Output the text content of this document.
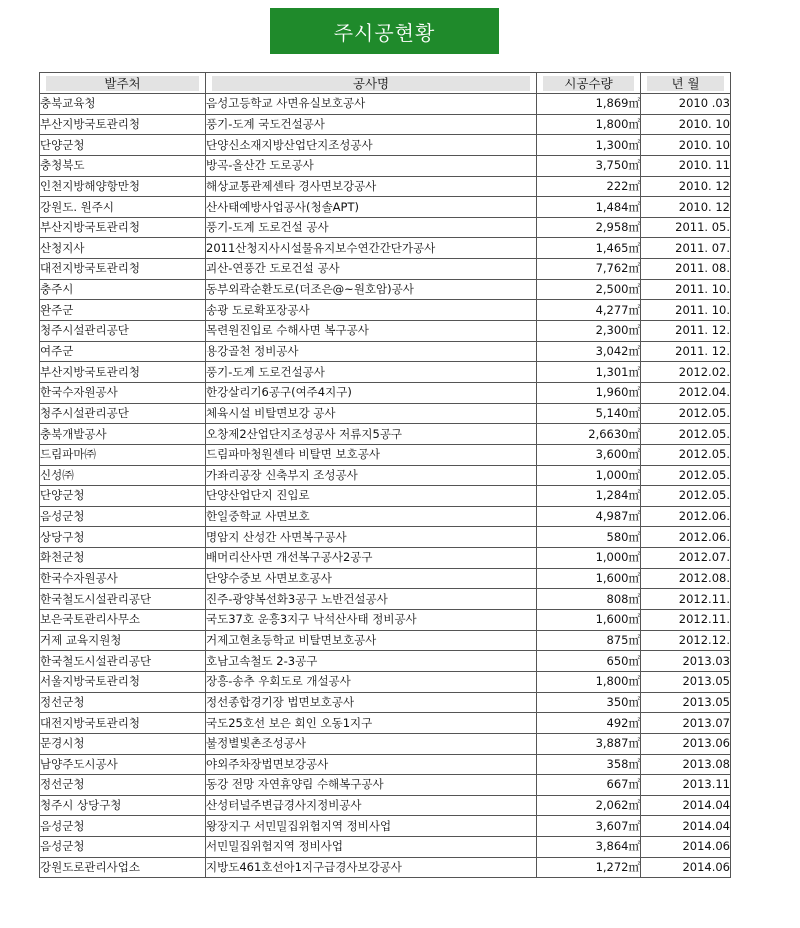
주시공현황
발주처	공사명	시공수량	년 월

충북교육청	음성고등학교 사면유실보호공사	1,869㎡	2010 .03
부산지방국토관리청	풍기-도계 국도건설공사	1,800㎡	2010. 10
단양군청	단양신소재지방산업단지조성공사	1,300㎡	2010. 10
충청북도	방곡-올산간 도로공사	3,750㎡	2010. 11
인천지방해양항만청	해상교통관제센타 경사면보강공사	222㎡	2010. 12
강원도. 원주시	산사태예방사업공사(청솔APT)	1,484㎡	2010. 12
부산지방국토관리청	풍기-도계 도로건설 공사	2,958㎡	2011. 05.
산청지사	2011산청지사시설물유지보수연간간단가공사	1,465㎡	2011. 07.
대전지방국토관리청	괴산-연풍간 도로건설 공사	7,762㎡	2011. 08.
충주시	동부외곽순환도로(더조은@~원호암)공사	2,500㎡	2011. 10.
완주군	송광 도로확포장공사	4,277㎡	2011. 10.
청주시설관리공단	목련원진입로 수해사면 복구공사	2,300㎡	2011. 12.
여주군	용강골천 정비공사	3,042㎡	2011. 12.
부산지방국토관리청	풍기-도계 도로건설공사	1,301㎡	2012.02.
한국수자원공사	한강살리기6공구(여주4지구)	1,960㎡	2012.04.
청주시설관리공단	체육시설 비탈면보강 공사	5,140㎡	2012.05.
충북개발공사	오창제2산업단지조성공사 저류지5공구	2,6630㎡	2012.05.
드림파마㈜	드림파마청원센타 비탈면 보호공사	3,600㎡	2012.05.
신성㈜	가좌리공장 신축부지 조성공사	1,000㎡	2012.05.
단양군청	단양산업단지 진입로	1,284㎡	2012.05.
음성군청	한일중학교 사면보호	4,987㎡	2012.06.
상당구청	명암지 산성간 사면복구공사	580㎡	2012.06.
화천군청	배머리산사면 개선복구공사2공구	1,000㎡	2012.07.
한국수자원공사	단양수중보 사면보호공사	1,600㎡	2012.08.
한국철도시설관리공단	진주-광양복선화3공구 노반건설공사	808㎡	2012.11.
보은국토관리사무소	국도37호 운흥3지구 낙석산사태 정비공사	1,600㎡	2012.11.
거제 교육지원청	거제고현초등학교 비탈면보호공사	875㎡	2012.12.
한국철도시설관리공단	호남고속철도 2-3공구	650㎡	2013.03
서울지방국토관리청	장흥-송추 우회도로 개설공사	1,800㎡	2013.05
정선군청	정선종합경기장 법면보호공사	350㎡	2013.05
대전지방국토관리청	국도25호선 보은 회인 오동1지구	492㎡	2013.07
문경시청	불정별빛촌조성공사	3,887㎡	2013.06
남양주도시공사	야외주차장법면보강공사	358㎡	2013.08
정선군청	동강 전망 자연휴양림 수해복구공사	667㎡	2013.11
청주시 상당구청	산성터널주변급경사지정비공사	2,062㎡	2014.04
음성군청	왕장지구 서민밀집위험지역 정비사업	3,607㎡	2014.04
음성군청	서민밀집위험지역 정비사업	3,864㎡	2014.06
강원도로관리사업소	지방도461호선아1지구급경사보강공사	1,272㎡	2014.06
